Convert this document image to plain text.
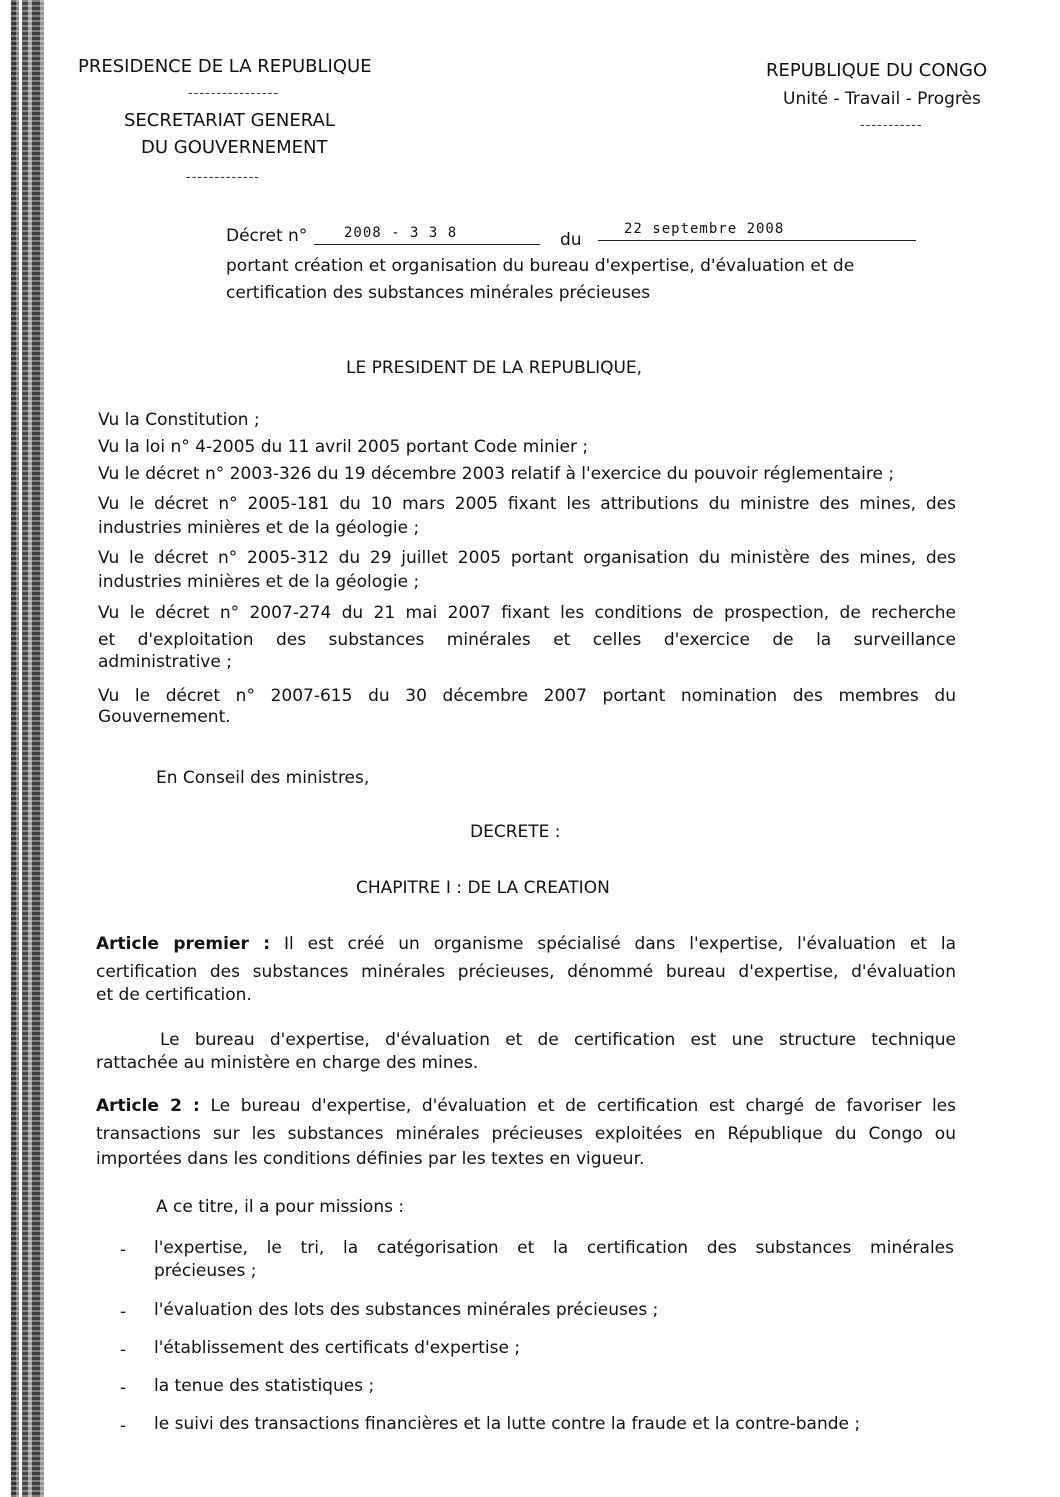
PRESIDENCE DE LA REPUBLIQUE
----------------
SECRETARIAT GENERAL
DU GOUVERNEMENT
-------------
REPUBLIQUE DU CONGO
Unité - Travail - Progrès
-----------
Décret n°	2008 - 3 3 8	du
22 septembre 2008
portant création et organisation du bureau d'expertise, d'évaluation et de
certification des substances minérales précieuses
LE PRESIDENT DE LA REPUBLIQUE,
Vu la Constitution ;
Vu la loi n° 4-2005 du 11 avril 2005 portant Code minier ;
Vu le décret n° 2003-326 du 19 décembre 2003 relatif à l'exercice du pouvoir réglementaire ;
Vu le décret n° 2005-181 du 10 mars 2005 fixant les attributions du ministre des mines, des
industries minières et de la géologie ;
Vu le décret n° 2005-312 du 29 juillet 2005 portant organisation du ministère des mines, des
industries minières et de la géologie ;
Vu le décret n° 2007-274 du 21 mai 2007 fixant les conditions de prospection, de recherche
et d'exploitation des substances minérales et celles d'exercice de la surveillance
administrative ;
Vu le décret n° 2007-615 du 30 décembre 2007 portant nomination des membres du
Gouvernement.
En Conseil des ministres,
DECRETE :
CHAPITRE I : DE LA CREATION
Article premier : Il est créé un organisme spécialisé dans l'expertise, l'évaluation et la
certification des substances minérales précieuses, dénommé bureau d'expertise, d'évaluation
et de certification.
Le bureau d'expertise, d'évaluation et de certification est une structure technique
rattachée au ministère en charge des mines.
Article 2 : Le bureau d'expertise, d'évaluation et de certification est chargé de favoriser les
transactions sur les substances minérales précieuses exploitées en République du Congo ou
importées dans les conditions définies par les textes en vigueur.
A ce titre, il a pour missions :
- l'expertise, le tri, la catégorisation et la certification des substances minérales
précieuses ;
- l'évaluation des lots des substances minérales précieuses ;
- l'établissement des certificats d'expertise ;
- la tenue des statistiques ;
- le suivi des transactions financières et la lutte contre la fraude et la contre-bande ;
